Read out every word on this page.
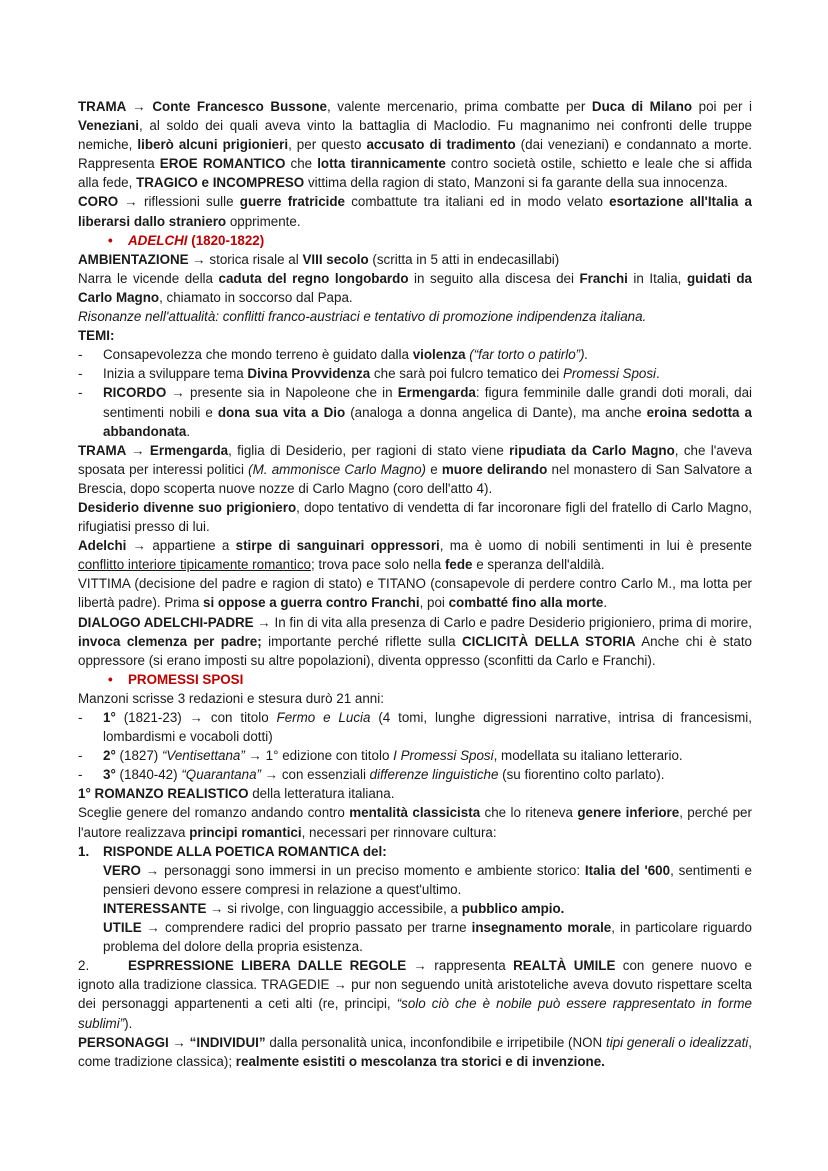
TRAMA → Conte Francesco Bussone, valente mercenario, prima combatte per Duca di Milano poi per i Veneziani, al soldo dei quali aveva vinto la battaglia di Maclodio. Fu magnanimo nei confronti delle truppe nemiche, liberò alcuni prigionieri, per questo accusato di tradimento (dai veneziani) e condannato a morte. Rappresenta EROE ROMANTICO che lotta tirannicamente contro società ostile, schietto e leale che si affida alla fede, TRAGICO e INCOMPRESO vittima della ragion di stato, Manzoni si fa garante della sua innocenza.

CORO → riflessioni sulle guerre fratricide combattute tra italiani ed in modo velato esortazione all'Italia a liberarsi dallo straniero opprimente.

• ADELCHI (1820-1822)

AMBIENTAZIONE → storica risale al VIII secolo (scritta in 5 atti in endecasillabi)

Narra le vicende della caduta del regno longobardo in seguito alla discesa dei Franchi in Italia, guidati da Carlo Magno, chiamato in soccorso dal Papa.

Risonanze nell'attualità: conflitti franco-austriaci e tentativo di promozione indipendenza italiana.

TEMI:

- Consapevolezza che mondo terreno è guidato dalla violenza (“far torto o patirlo”).

- Inizia a sviluppare tema Divina Provvidenza che sarà poi fulcro tematico dei Promessi Sposi.

- RICORDO → presente sia in Napoleone che in Ermengarda: figura femminile dalle grandi doti morali, dai sentimenti nobili e dona sua vita a Dio (analoga a donna angelica di Dante), ma anche eroina sedotta a abbandonata.

TRAMA → Ermengarda, figlia di Desiderio, per ragioni di stato viene ripudiata da Carlo Magno, che l'aveva sposata per interessi politici (M. ammonisce Carlo Magno) e muore delirando nel monastero di San Salvatore a Brescia, dopo scoperta nuove nozze di Carlo Magno (coro dell'atto 4).

Desiderio divenne suo prigioniero, dopo tentativo di vendetta di far incoronare figli del fratello di Carlo Magno, rifugiatisi presso di lui.

Adelchi → appartiene a stirpe di sanguinari oppressori, ma è uomo di nobili sentimenti in lui è presente conflitto interiore tipicamente romantico; trova pace solo nella fede e speranza dell'aldilà.

VITTIMA (decisione del padre e ragion di stato) e TITANO (consapevole di perdere contro Carlo M., ma lotta per libertà padre). Prima si oppose a guerra contro Franchi, poi combatté fino alla morte.

DIALOGO ADELCHI-PADRE → In fin di vita alla presenza di Carlo e padre Desiderio prigioniero, prima di morire, invoca clemenza per padre; importante perché riflette sulla CICLICITÀ DELLA STORIA Anche chi è stato oppressore (si erano imposti su altre popolazioni), diventa oppresso (sconfitti da Carlo e Franchi).

• PROMESSI SPOSI

Manzoni scrisse 3 redazioni e stesura durò 21 anni:

- 1° (1821-23) → con titolo Fermo e Lucia (4 tomi, lunghe digressioni narrative, intrisa di francesismi, lombardismi e vocaboli dotti)

- 2° (1827) “Ventisettana” → 1° edizione con titolo I Promessi Sposi, modellata su italiano letterario.

- 3° (1840-42) “Quarantana” → con essenziali differenze linguistiche (su fiorentino colto parlato).

1° ROMANZO REALISTICO della letteratura italiana.

Sceglie genere del romanzo andando contro mentalità classicista che lo riteneva genere inferiore, perché per l'autore realizzava principi romantici, necessari per rinnovare cultura:

1. RISPONDE ALLA POETICA ROMANTICA del:

VERO → personaggi sono immersi in un preciso momento e ambiente storico: Italia del '600, sentimenti e pensieri devono essere compresi in relazione a quest'ultimo.

INTERESSANTE → si rivolge, con linguaggio accessibile, a pubblico ampio.

UTILE → comprendere radici del proprio passato per trarne insegnamento morale, in particolare riguardo problema del dolore della propria esistenza.

2.	ESPRRESSIONE LIBERA DALLE REGOLE → rappresenta REALTÀ UMILE con genere nuovo e ignoto alla tradizione classica. TRAGEDIE → pur non seguendo unità aristoteliche aveva dovuto rispettare scelta dei personaggi appartenenti a ceti alti (re, principi, “solo ciò che è nobile può essere rappresentato in forme sublimi”).

PERSONAGGI → “INDIVIDUI” dalla personalità unica, inconfondibile e irripetibile (NON tipi generali o idealizzati, come tradizione classica); realmente esistiti o mescolanza tra storici e di invenzione.
